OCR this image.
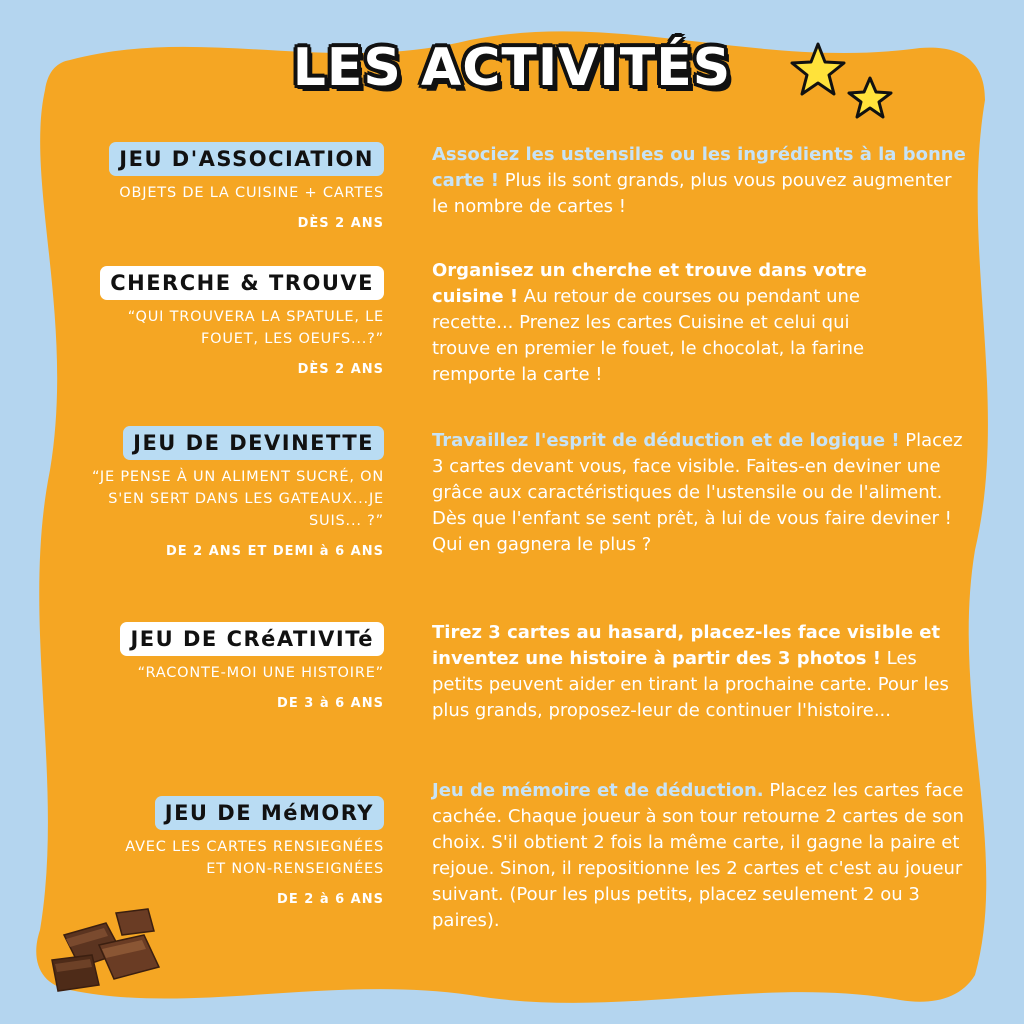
LES ACTIVITÉS
JEU D'ASSOCIATION
OBJETS DE LA CUISINE + CARTES
DÈS 2 ANS
Associez les ustensiles ou les ingrédients à la bonne carte ! Plus ils sont grands, plus vous pouvez augmenter le nombre de cartes !
CHERCHE & TROUVE
“QUI TROUVERA LA SPATULE, LE FOUET, LES OEUFS...?”
DÈS 2 ANS
Organisez un cherche et trouve dans votre cuisine ! Au retour de courses ou pendant une recette... Prenez les cartes Cuisine et celui qui trouve en premier le fouet, le chocolat, la farine remporte la carte !
JEU DE DEVINETTE
“JE PENSE À UN ALIMENT SUCRÉ, ON S'EN SERT DANS LES GATEAUX...JE SUIS... ?”
DE 2 ANS ET DEMI à 6 ANS
Travaillez l'esprit de déduction et de logique ! Placez 3 cartes devant vous, face visible. Faites-en deviner une grâce aux caractéristiques de l'ustensile ou de l'aliment. Dès que l'enfant se sent prêt, à lui de vous faire deviner ! Qui en gagnera le plus ?
JEU DE CRéATIVITé
“RACONTE-MOI UNE HISTOIRE”
DE 3 à 6 ANS
Tirez 3 cartes au hasard, placez-les face visible et inventez une histoire à partir des 3 photos ! Les petits peuvent aider en tirant la prochaine carte. Pour les plus grands, proposez-leur de continuer l'histoire...
JEU DE MéMORY
AVEC LES CARTES RENSIEGNÉES ET NON-RENSEIGNÉES
DE 2 à 6 ANS
Jeu de mémoire et de déduction. Placez les cartes face cachée. Chaque joueur à son tour retourne 2 cartes de son choix. S'il obtient 2 fois la même carte, il gagne la paire et rejoue. Sinon, il repositionne les 2 cartes et c'est au joueur suivant. (Pour les plus petits, placez seulement 2 ou 3 paires).
